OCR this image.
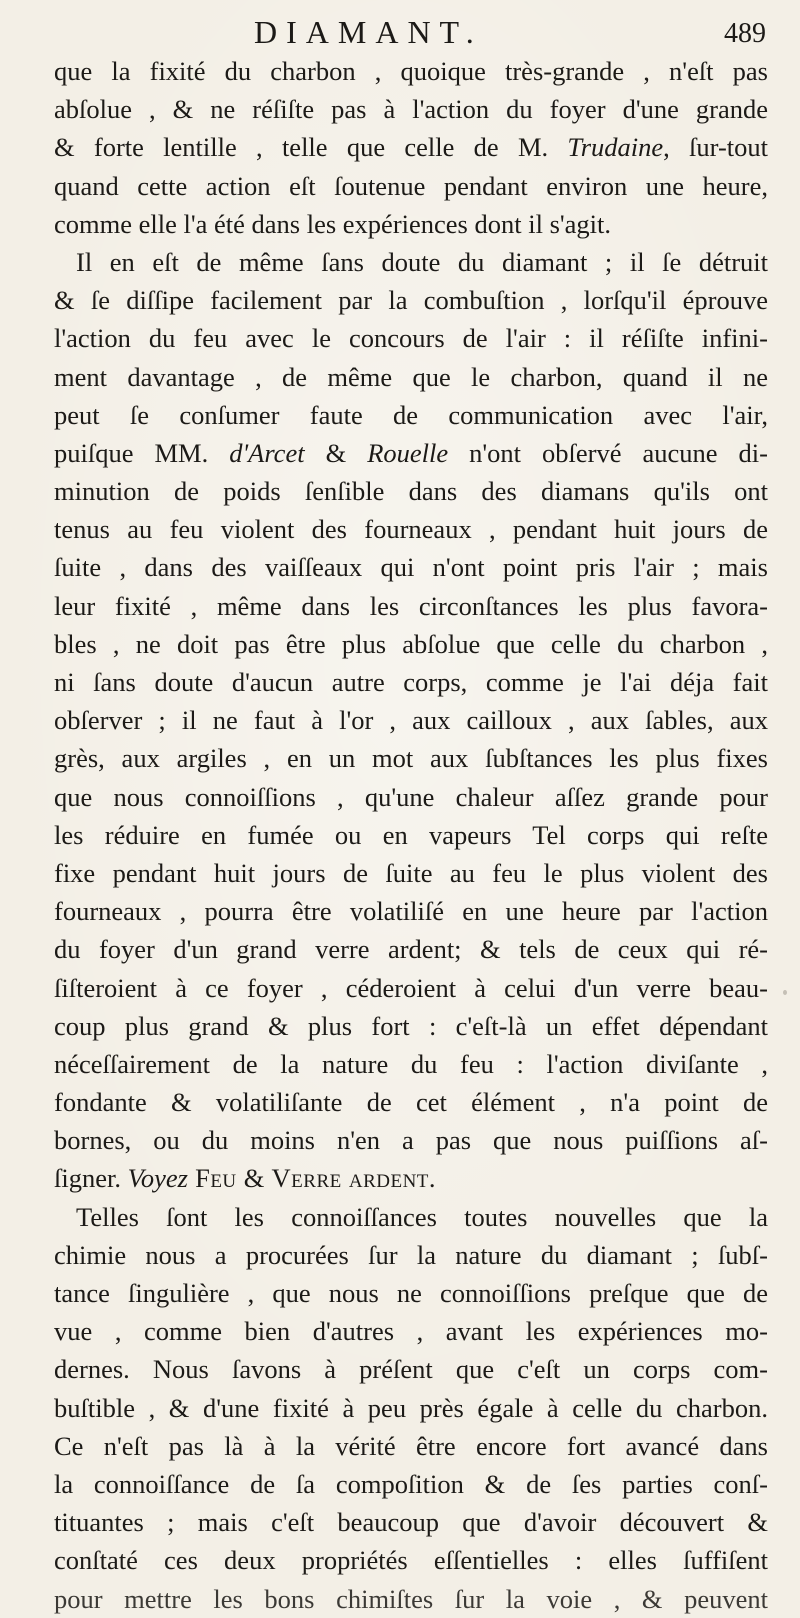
DIAMANT.	489
que la fixité du charbon , quoique très-grande , n'eſt pas
abſolue , & ne réſiſte pas à l'action du foyer d'une grande
& forte lentille , telle que celle de M. Trudaine, ſur-tout
quand cette action eſt ſoutenue pendant environ une heure,
comme elle l'a été dans les expériences dont il s'agit.
Il en eſt de même ſans doute du diamant ; il ſe détruit
& ſe diſſipe facilement par la combuſtion , lorſqu'il éprouve
l'action du feu avec le concours de l'air : il réſiſte infini-
ment davantage , de même que le charbon, quand il ne
peut ſe conſumer faute de communication avec l'air,
puiſque MM. d'Arcet & Rouelle n'ont obſervé aucune di-
minution de poids ſenſible dans des diamans qu'ils ont
tenus au feu violent des fourneaux , pendant huit jours de
ſuite , dans des vaiſſeaux qui n'ont point pris l'air ; mais
leur fixité , même dans les circonſtances les plus favora-
bles , ne doit pas être plus abſolue que celle du charbon ,
ni ſans doute d'aucun autre corps, comme je l'ai déja fait
obſerver ; il ne faut à l'or , aux cailloux , aux ſables, aux
grès, aux argiles , en un mot aux ſubſtances les plus fixes
que nous connoiſſions , qu'une chaleur aſſez grande pour
les réduire en fumée ou en vapeurs Tel corps qui reſte
fixe pendant huit jours de ſuite au feu le plus violent des
fourneaux , pourra être volatiliſé en une heure par l'action
du foyer d'un grand verre ardent; & tels de ceux qui ré-
ſiſteroient à ce foyer , céderoient à celui d'un verre beau-
coup plus grand & plus fort : c'eſt-là un effet dépendant
néceſſairement de la nature du feu : l'action diviſante ,
fondante & volatiliſante de cet élément , n'a point de
bornes, ou du moins n'en a pas que nous puiſſions aſ-
ſigner. Voyez Feu & Verre ardent.
Telles ſont les connoiſſances toutes nouvelles que la
chimie nous a procurées ſur la nature du diamant ; ſubſ-
tance ſingulière , que nous ne connoiſſions preſque que de
vue , comme bien d'autres , avant les expériences mo-
dernes. Nous ſavons à préſent que c'eſt un corps com-
buſtible , & d'une fixité à peu près égale à celle du charbon.
Ce n'eſt pas là à la vérité être encore fort avancé dans
la connoiſſance de ſa compoſition & de ſes parties conſ-
tituantes ; mais c'eſt beaucoup que d'avoir découvert &
conſtaté ces deux propriétés eſſentielles : elles ſuffiſent
pour mettre les bons chimiſtes ſur la voie , & peuvent
